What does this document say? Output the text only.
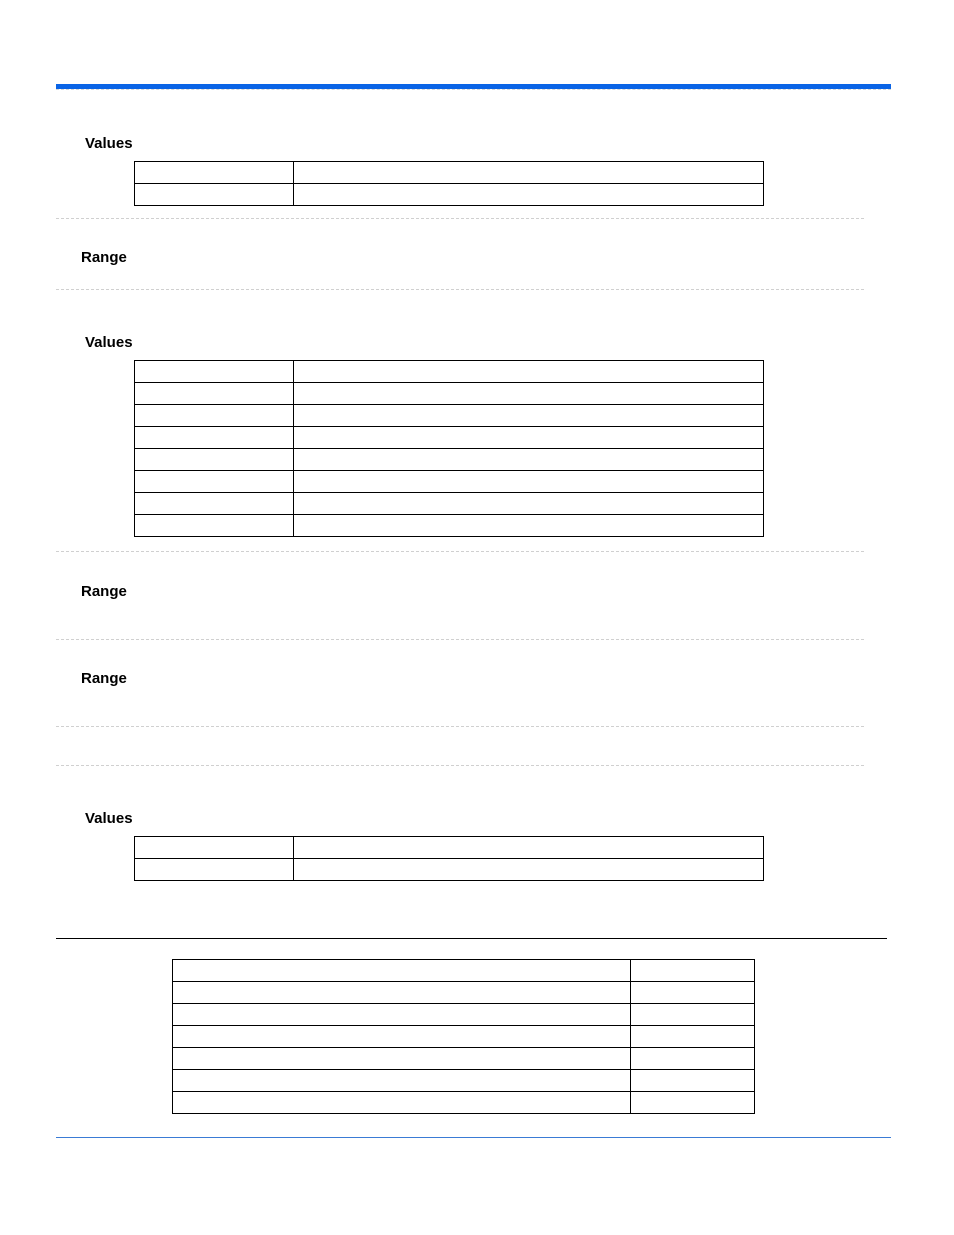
Values

Range
Values

Range
Range
Values
